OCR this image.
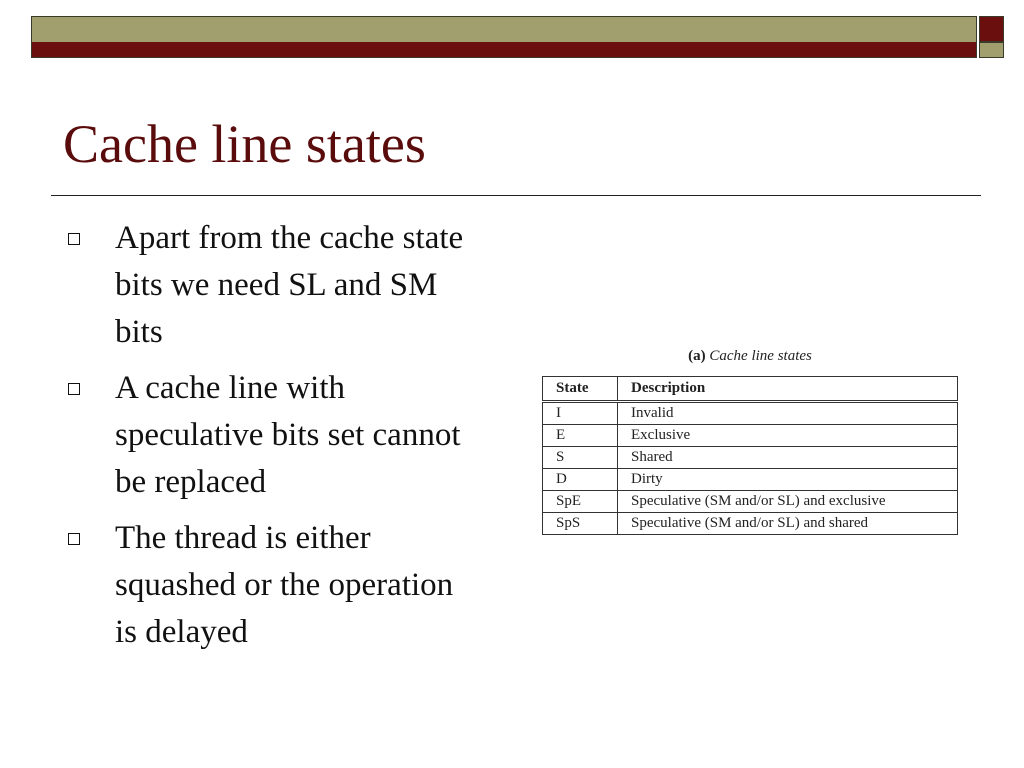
Cache line states
Apart from the cache state bits we need SL and SM bits
A cache line with speculative bits set cannot be replaced
The thread is either squashed or the operation is delayed
(a) Cache line states
State	Description
I	Invalid
E	Exclusive
S	Shared
D	Dirty
SpE	Speculative (SM and/or SL) and exclusive
SpS	Speculative (SM and/or SL) and shared
